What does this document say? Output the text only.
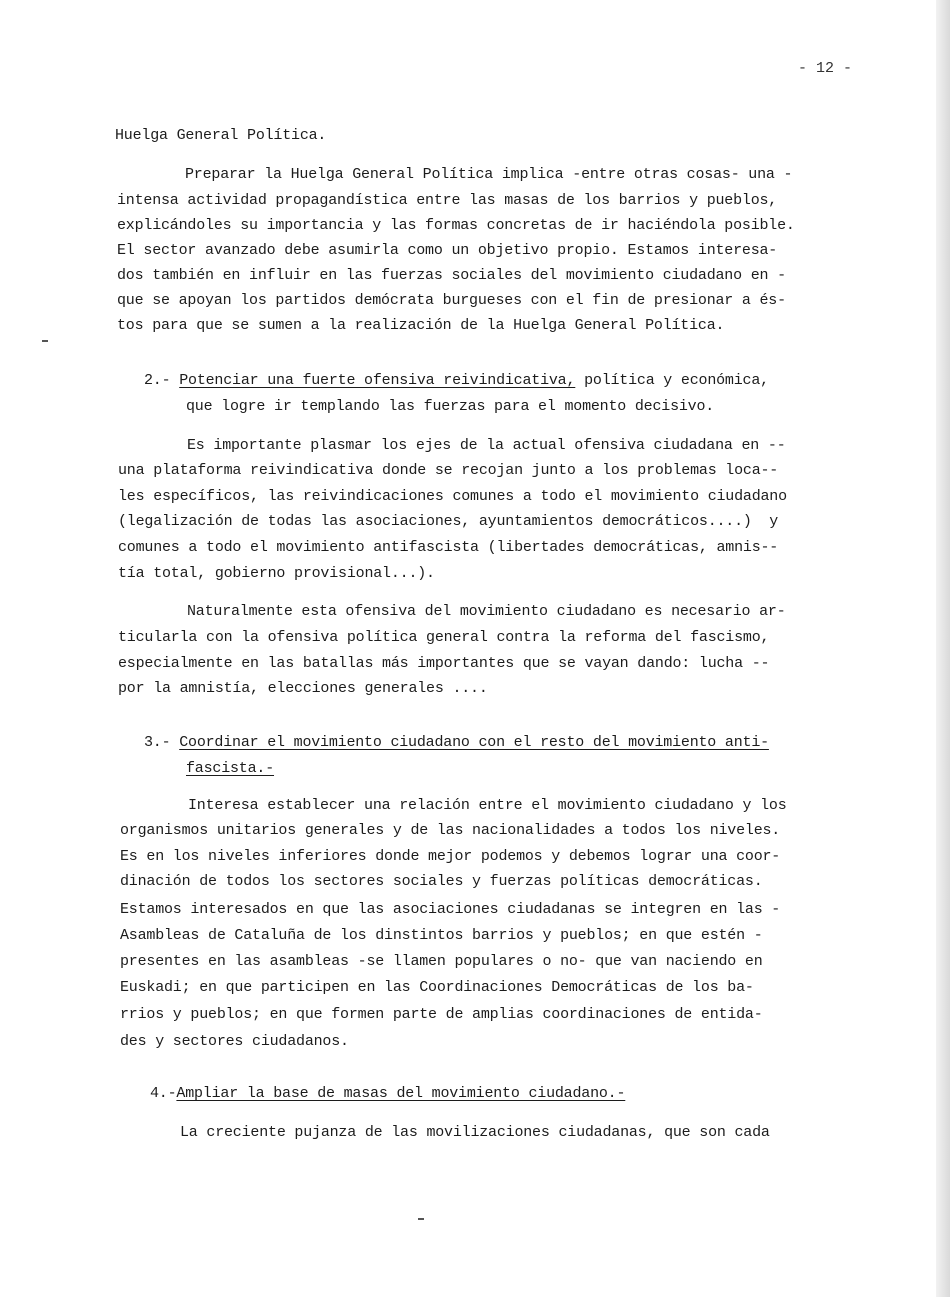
- 12 -
Huelga General Política.
Preparar la Huelga General Política implica -entre otras cosas- una -
intensa actividad propagandística entre las masas de los barrios y pueblos,
explicándoles su importancia y las formas concretas de ir haciéndola posible.
El sector avanzado debe asumirla como un objetivo propio. Estamos interesa-
dos también en influir en las fuerzas sociales del movimiento ciudadano en -
que se apoyan los partidos demócrata burgueses con el fin de presionar a és-
tos para que se sumen a la realización de la Huelga General Política.
2.- Potenciar una fuerte ofensiva reivindicativa, política y económica,
que logre ir templando las fuerzas para el momento decisivo.
Es importante plasmar los ejes de la actual ofensiva ciudadana en --
una plataforma reivindicativa donde se recojan junto a los problemas loca--
les específicos, las reivindicaciones comunes a todo el movimiento ciudadano
(legalización de todas las asociaciones, ayuntamientos democráticos....)  y
comunes a todo el movimiento antifascista (libertades democráticas, amnis--
tía total, gobierno provisional...).
Naturalmente esta ofensiva del movimiento ciudadano es necesario ar-
ticularla con la ofensiva política general contra la reforma del fascismo,
especialmente en las batallas más importantes que se vayan dando: lucha --
por la amnistía, elecciones generales ....
3.- Coordinar el movimiento ciudadano con el resto del movimiento anti-
fascista.-
Interesa establecer una relación entre el movimiento ciudadano y los
organismos unitarios generales y de las nacionalidades a todos los niveles.
Es en los niveles inferiores donde mejor podemos y debemos lograr una coor-
dinación de todos los sectores sociales y fuerzas políticas democráticas.
Estamos interesados en que las asociaciones ciudadanas se integren en las -
Asambleas de Cataluña de los dinstintos barrios y pueblos; en que estén -
presentes en las asambleas -se llamen populares o no- que van naciendo en
Euskadi; en que participen en las Coordinaciones Democráticas de los ba-
rrios y pueblos; en que formen parte de amplias coordinaciones de entida-
des y sectores ciudadanos.
4.-Ampliar la base de masas del movimiento ciudadano.-
La creciente pujanza de las movilizaciones ciudadanas, que son cada
